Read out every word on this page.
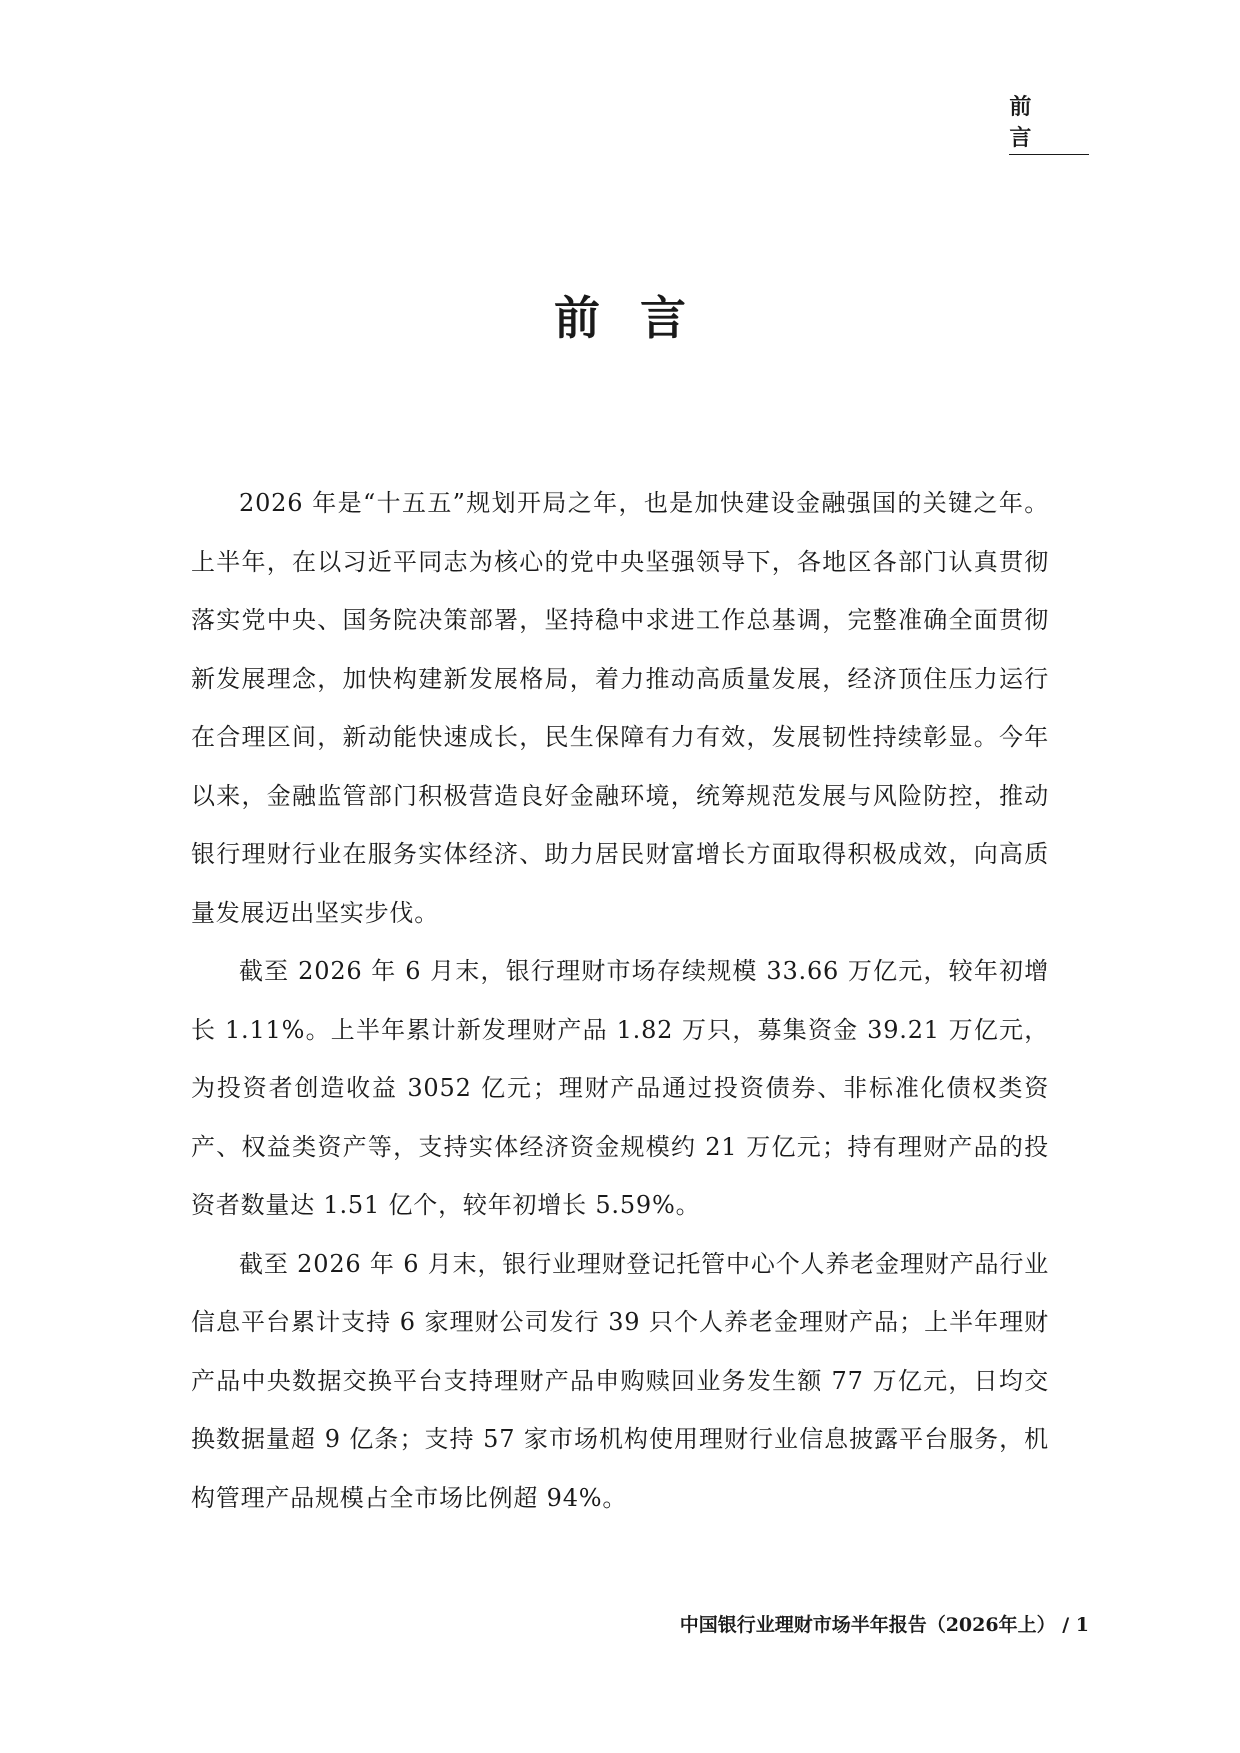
前 言
前言

2026 年是“十五五”规划开局之年，也是加快建设金融强国的关键之年。上半年，在以习近平同志为核心的党中央坚强领导下，各地区各部门认真贯彻落实党中央、国务院决策部署，坚持稳中求进工作总基调，完整准确全面贯彻新发展理念，加快构建新发展格局，着力推动高质量发展，经济顶住压力运行在合理区间，新动能快速成长，民生保障有力有效，发展韧性持续彰显。今年以来，金融监管部门积极营造良好金融环境，统筹规范发展与风险防控，推动银行理财行业在服务实体经济、助力居民财富增长方面取得积极成效，向高质量发展迈出坚实步伐。

截至 2026 年 6 月末，银行理财市场存续规模 33.66 万亿元，较年初增长 1.11%。上半年累计新发理财产品 1.82 万只，募集资金 39.21 万亿元，为投资者创造收益 3052 亿元；理财产品通过投资债券、非标准化债权类资产、权益类资产等，支持实体经济资金规模约 21 万亿元；持有理财产品的投资者数量达 1.51 亿个，较年初增长 5.59%。

截至 2026 年 6 月末，银行业理财登记托管中心个人养老金理财产品行业信息平台累计支持 6 家理财公司发行 39 只个人养老金理财产品；上半年理财产品中央数据交换平台支持理财产品申购赎回业务发生额 77 万亿元，日均交换数据量超 9 亿条；支持 57 家市场机构使用理财行业信息披露平台服务，机构管理产品规模占全市场比例超 94%。

中国银行业理财市场半年报告（2026年上） / 1
